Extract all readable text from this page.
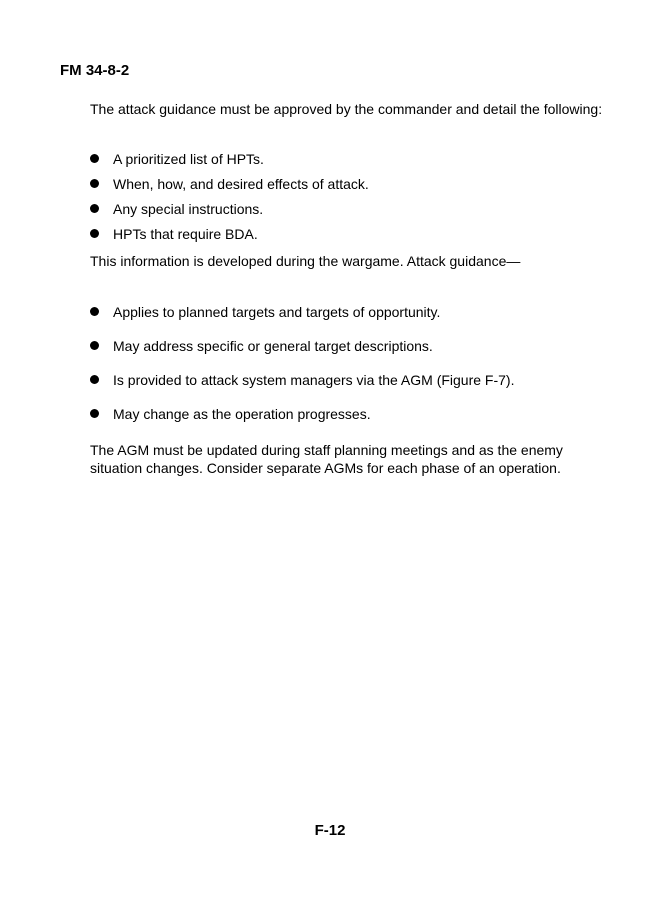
FM 34-8-2

The attack guidance must be approved by the commander and detail the following:

A prioritized list of HPTs.
When, how, and desired effects of attack.
Any special instructions.
HPTs that require BDA.

This information is developed during the wargame. Attack guidance—

Applies to planned targets and targets of opportunity.
May address specific or general target descriptions.
Is provided to attack system managers via the AGM (Figure F-7).
May change as the operation progresses.

The AGM must be updated during staff planning meetings and as the enemy situation changes. Consider separate AGMs for each phase of an operation.

F-12
